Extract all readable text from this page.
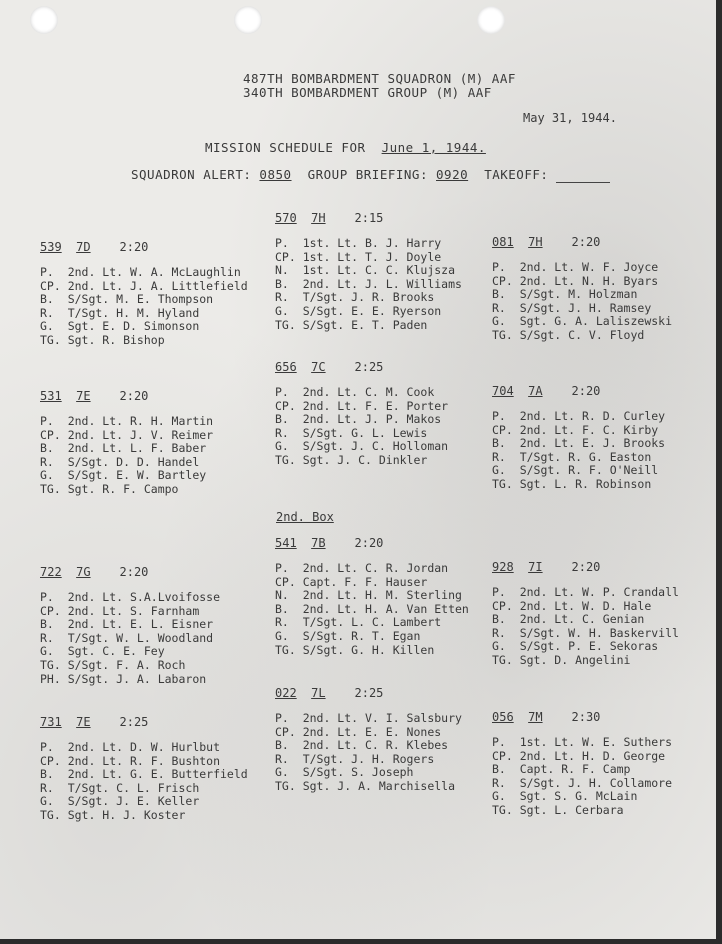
487TH BOMBARDMENT SQUADRON (M) AAF
340TH BOMBARDMENT GROUP (M) AAF
May 31, 1944.
MISSION SCHEDULE FOR June 1, 1944.
SQUADRON ALERT: 0850 GROUP BRIEFING: 0920 TAKEOFF:
2nd. Box
570 7H 2:15
P.  1st. Lt. B. J. Harry
CP. 1st. Lt. T. J. Doyle
N.  1st. Lt. C. C. Klujsza
B.  2nd. Lt. J. L. Williams
R.  T/Sgt. J. R. Brooks
G.  S/Sgt. E. E. Ryerson
TG. S/Sgt. E. T. Paden
539 7D 2:20
P.  2nd. Lt. W. A. McLaughlin
CP. 2nd. Lt. J. A. Littlefield
B.  S/Sgt. M. E. Thompson
R.  T/Sgt. H. M. Hyland
G.  Sgt. E. D. Simonson
TG. Sgt. R. Bishop
081 7H 2:20
P.  2nd. Lt. W. F. Joyce
CP. 2nd. Lt. N. H. Byars
B.  S/Sgt. M. Holzman
R.  S/Sgt. J. H. Ramsey
G.  Sgt. G. A. Laliszewski
TG. S/Sgt. C. V. Floyd
656 7C 2:25
P.  2nd. Lt. C. M. Cook
CP. 2nd. Lt. F. E. Porter
B.  2nd. Lt. J. P. Makos
R.  S/Sgt. G. L. Lewis
G.  S/Sgt. J. C. Holloman
TG. Sgt. J. C. Dinkler
531 7E 2:20
P.  2nd. Lt. R. H. Martin
CP. 2nd. Lt. J. V. Reimer
B.  2nd. Lt. L. F. Baber
R.  S/Sgt. D. D. Handel
G.  S/Sgt. E. W. Bartley
TG. Sgt. R. F. Campo
704 7A 2:20
P.  2nd. Lt. R. D. Curley
CP. 2nd. Lt. F. C. Kirby
B.  2nd. Lt. E. J. Brooks
R.  T/Sgt. R. G. Easton
G.  S/Sgt. R. F. O'Neill
TG. Sgt. L. R. Robinson
541 7B 2:20
P.  2nd. Lt. C. R. Jordan
CP. Capt. F. F. Hauser
N.  2nd. Lt. H. M. Sterling
B.  2nd. Lt. H. A. Van Etten
R.  T/Sgt. L. C. Lambert
G.  S/Sgt. R. T. Egan
TG. S/Sgt. G. H. Killen
722 7G 2:20
P.  2nd. Lt. S.A.Lvoifosse
CP. 2nd. Lt. S. Farnham
B.  2nd. Lt. E. L. Eisner
R.  T/Sgt. W. L. Woodland
G.  Sgt. C. E. Fey
TG. S/Sgt. F. A. Roch
PH. S/Sgt. J. A. Labaron
928 7I 2:20
P.  2nd. Lt. W. P. Crandall
CP. 2nd. Lt. W. D. Hale
B.  2nd. Lt. C. Genian
R.  S/Sgt. W. H. Baskervill
G.  S/Sgt. P. E. Sekoras
TG. Sgt. D. Angelini
022 7L 2:25
P.  2nd. Lt. V. I. Salsbury
CP. 2nd. Lt. E. E. Nones
B.  2nd. Lt. C. R. Klebes
R.  T/Sgt. J. H. Rogers
G.  S/Sgt. S. Joseph
TG. Sgt. J. A. Marchisella
731 7E 2:25
P.  2nd. Lt. D. W. Hurlbut
CP. 2nd. Lt. R. F. Bushton
B.  2nd. Lt. G. E. Butterfield
R.  T/Sgt. C. L. Frisch
G.  S/Sgt. J. E. Keller
TG. Sgt. H. J. Koster
056 7M 2:30
P.  1st. Lt. W. E. Suthers
CP. 2nd. Lt. H. D. George
B.  Capt. R. F. Camp
R.  S/Sgt. J. H. Collamore
G.  Sgt. S. G. McLain
TG. Sgt. L. Cerbara
